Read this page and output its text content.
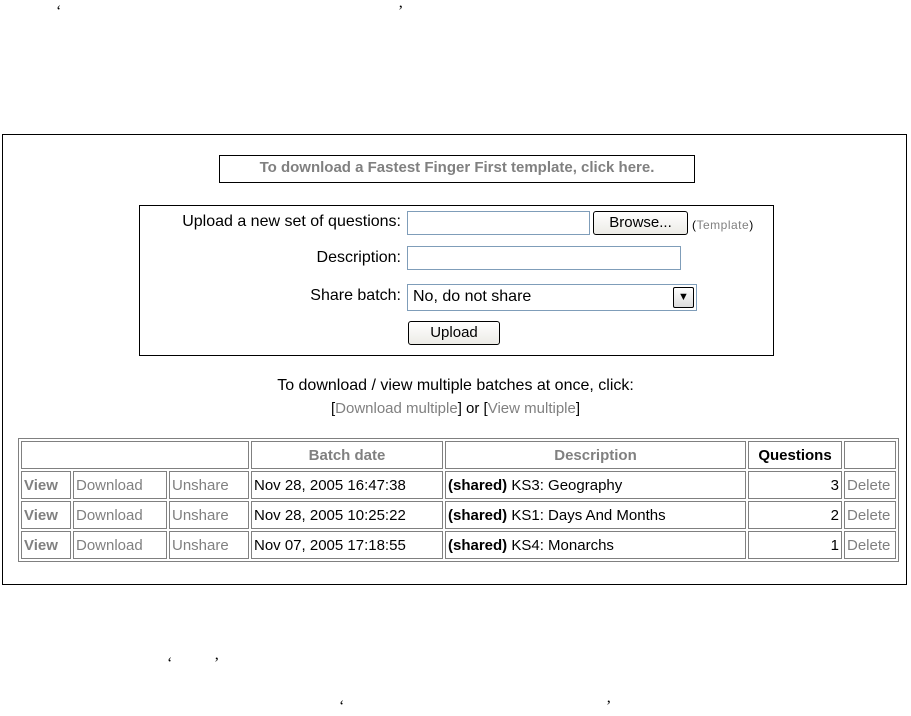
‘	’
‘	’
‘	’
To download a Fastest Finger First template, click here.
Upload a new set of questions:	Browse...	(Template)
Description:
Share batch: No, do not share	▼
Upload
To download / view multiple batches at once, click:
[Download multiple] or [View multiple]
			Batch date	Description	Questions	
View	Download	Unshare	Nov 28, 2005 16:47:38	(shared) KS3: Geography	3	Delete
View	Download	Unshare	Nov 28, 2005 10:25:22	(shared) KS1: Days And Months	2	Delete
View	Download	Unshare	Nov 07, 2005 17:18:55	(shared) KS4: Monarchs	1	Delete
